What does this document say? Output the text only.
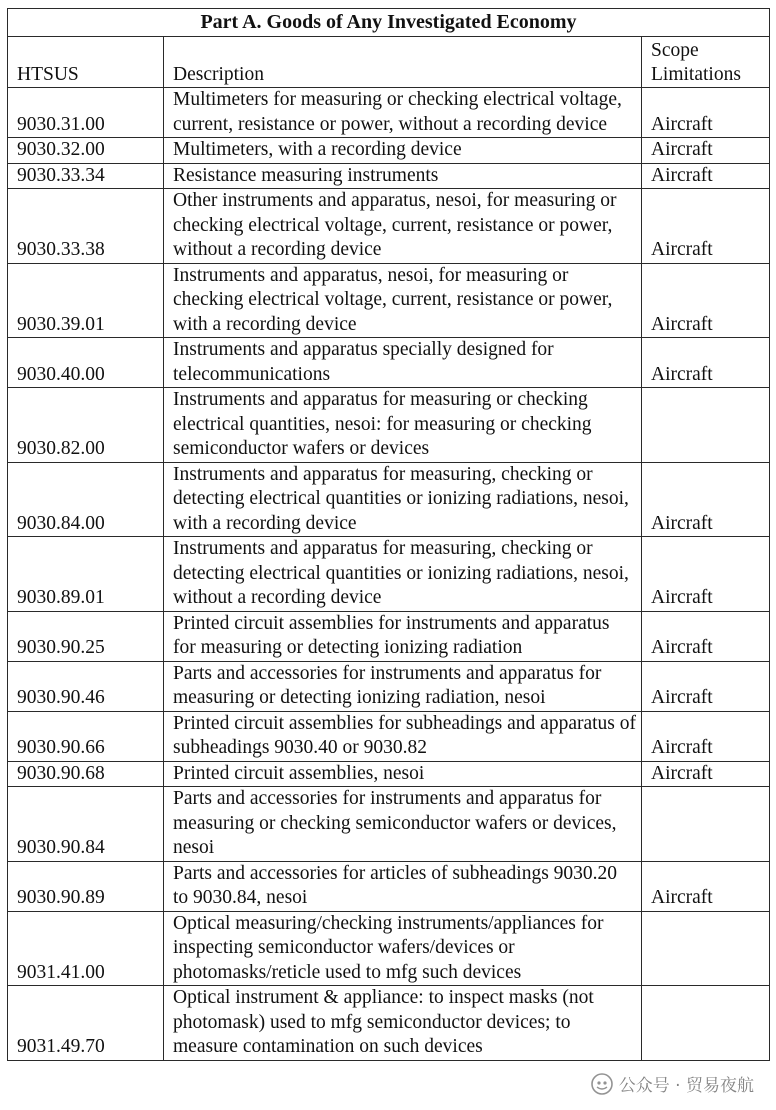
Part A. Goods of Any Investigated Economy		
HTSUS	Description	Scope Limitations
9030.31.00	Multimeters for measuring or checking electrical voltage, current, resistance or power, without a recording device	Aircraft
9030.32.00	Multimeters, with a recording device	Aircraft
9030.33.34	Resistance measuring instruments	Aircraft
9030.33.38	Other instruments and apparatus, nesoi, for measuring or checking electrical voltage, current, resistance or power, without a recording device	Aircraft
9030.39.01	Instruments and apparatus, nesoi, for measuring or checking electrical voltage, current, resistance or power, with a recording device	Aircraft
9030.40.00	Instruments and apparatus specially designed for telecommunications	Aircraft
9030.82.00	Instruments and apparatus for measuring or checking electrical quantities, nesoi: for measuring or checking semiconductor wafers or devices	
9030.84.00	Instruments and apparatus for measuring, checking or detecting electrical quantities or ionizing radiations, nesoi, with a recording device	Aircraft
9030.89.01	Instruments and apparatus for measuring, checking or detecting electrical quantities or ionizing radiations, nesoi, without a recording device	Aircraft
9030.90.25	Printed circuit assemblies for instruments and apparatus for measuring or detecting ionizing radiation	Aircraft
9030.90.46	Parts and accessories for instruments and apparatus for measuring or detecting ionizing radiation, nesoi	Aircraft
9030.90.66	Printed circuit assemblies for subheadings and apparatus of subheadings 9030.40 or 9030.82	Aircraft
9030.90.68	Printed circuit assemblies, nesoi	Aircraft
9030.90.84	Parts and accessories for instruments and apparatus for measuring or checking semiconductor wafers or devices, nesoi	
9030.90.89	Parts and accessories for articles of subheadings 9030.20 to 9030.84, nesoi	Aircraft
9031.41.00	Optical measuring/checking instruments/appliances for inspecting semiconductor wafers/devices or photomasks/reticle used to mfg such devices	
9031.49.70	Optical instrument & appliance: to inspect masks (not photomask) used to mfg semiconductor devices; to measure contamination on such devices	
公众号 · 贸易夜航
